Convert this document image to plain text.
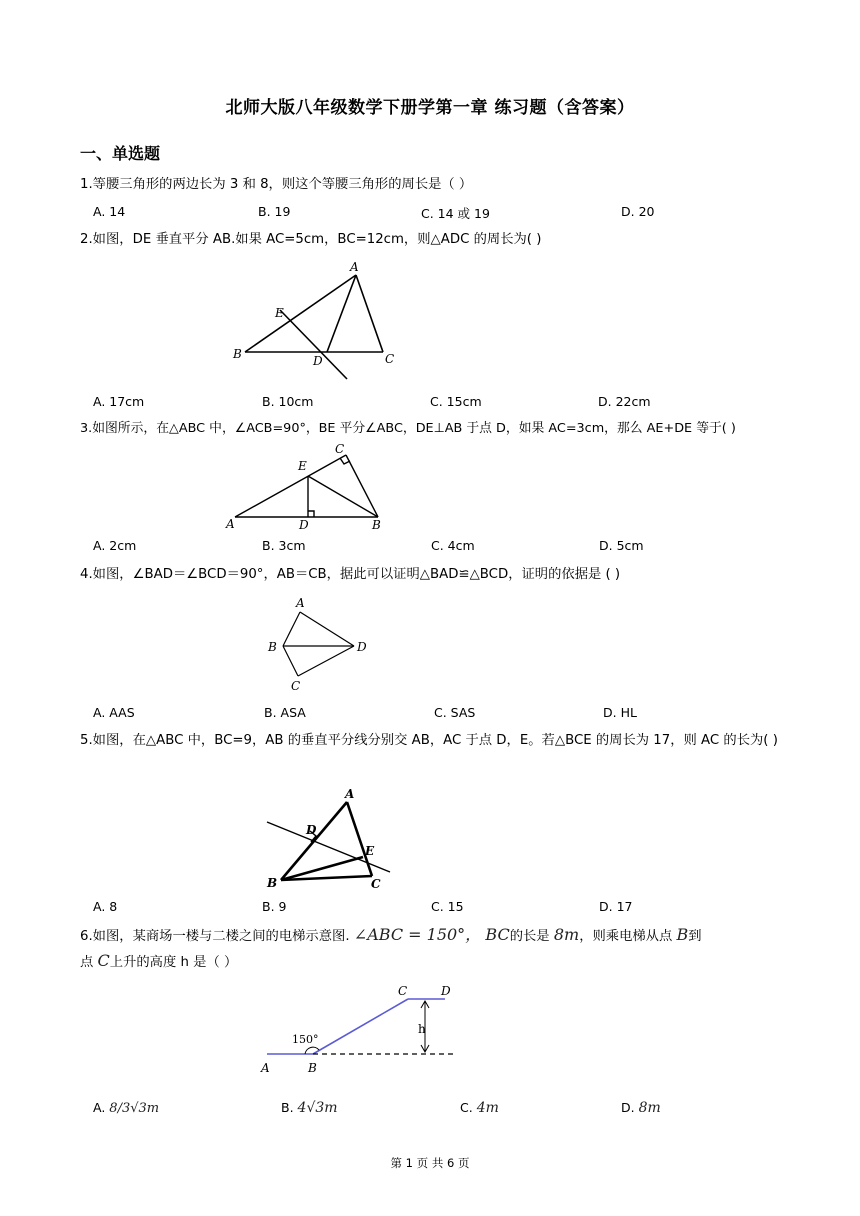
北师大版八年级数学下册学第一章 练习题（含答案）
一、单选题
1.等腰三角形的两边长为 3 和 8，则这个等腰三角形的周长是（ ）
A. 14	B. 19	C. 14 或 19	D. 20
2.如图，DE 垂直平分 AB.如果 AC=5cm，BC=12cm，则△ADC 的周长为( )
A
E
B	D	C
A. 17cm	B. 10cm	C. 15cm	D. 22cm
3.如图所示，在△ABC 中，∠ACB=90°，BE 平分∠ABC，DE⊥AB 于点 D，如果 AC=3cm，那么 AE+DE 等于( )
C
E
A	D	B
A. 2cm	B. 3cm	C. 4cm	D. 5cm
4.如图，∠BAD＝∠BCD＝90°，AB＝CB，据此可以证明△BAD≌△BCD，证明的依据是 ( )
A
B	D
C
A. AAS	B. ASA	C. SAS	D. HL
5.如图，在△ABC 中，BC=9，AB 的垂直平分线分别交 AB，AC 于点 D，E。若△BCE 的周长为 17，则 AC 的长为( )
A
D
E
B	C
A. 8	B. 9	C. 15	D. 17
6.如图，某商场一楼与二楼之间的电梯示意图. ∠ABC = 150°， BC的长是 8m，则乘电梯从点 B到
点 C上升的高度 h 是（ ）
C	D
h
150°
A	B
A. 8/3√3m	B. 4√3m	C. 4m	D. 8m
第 1 页 共 6 页
